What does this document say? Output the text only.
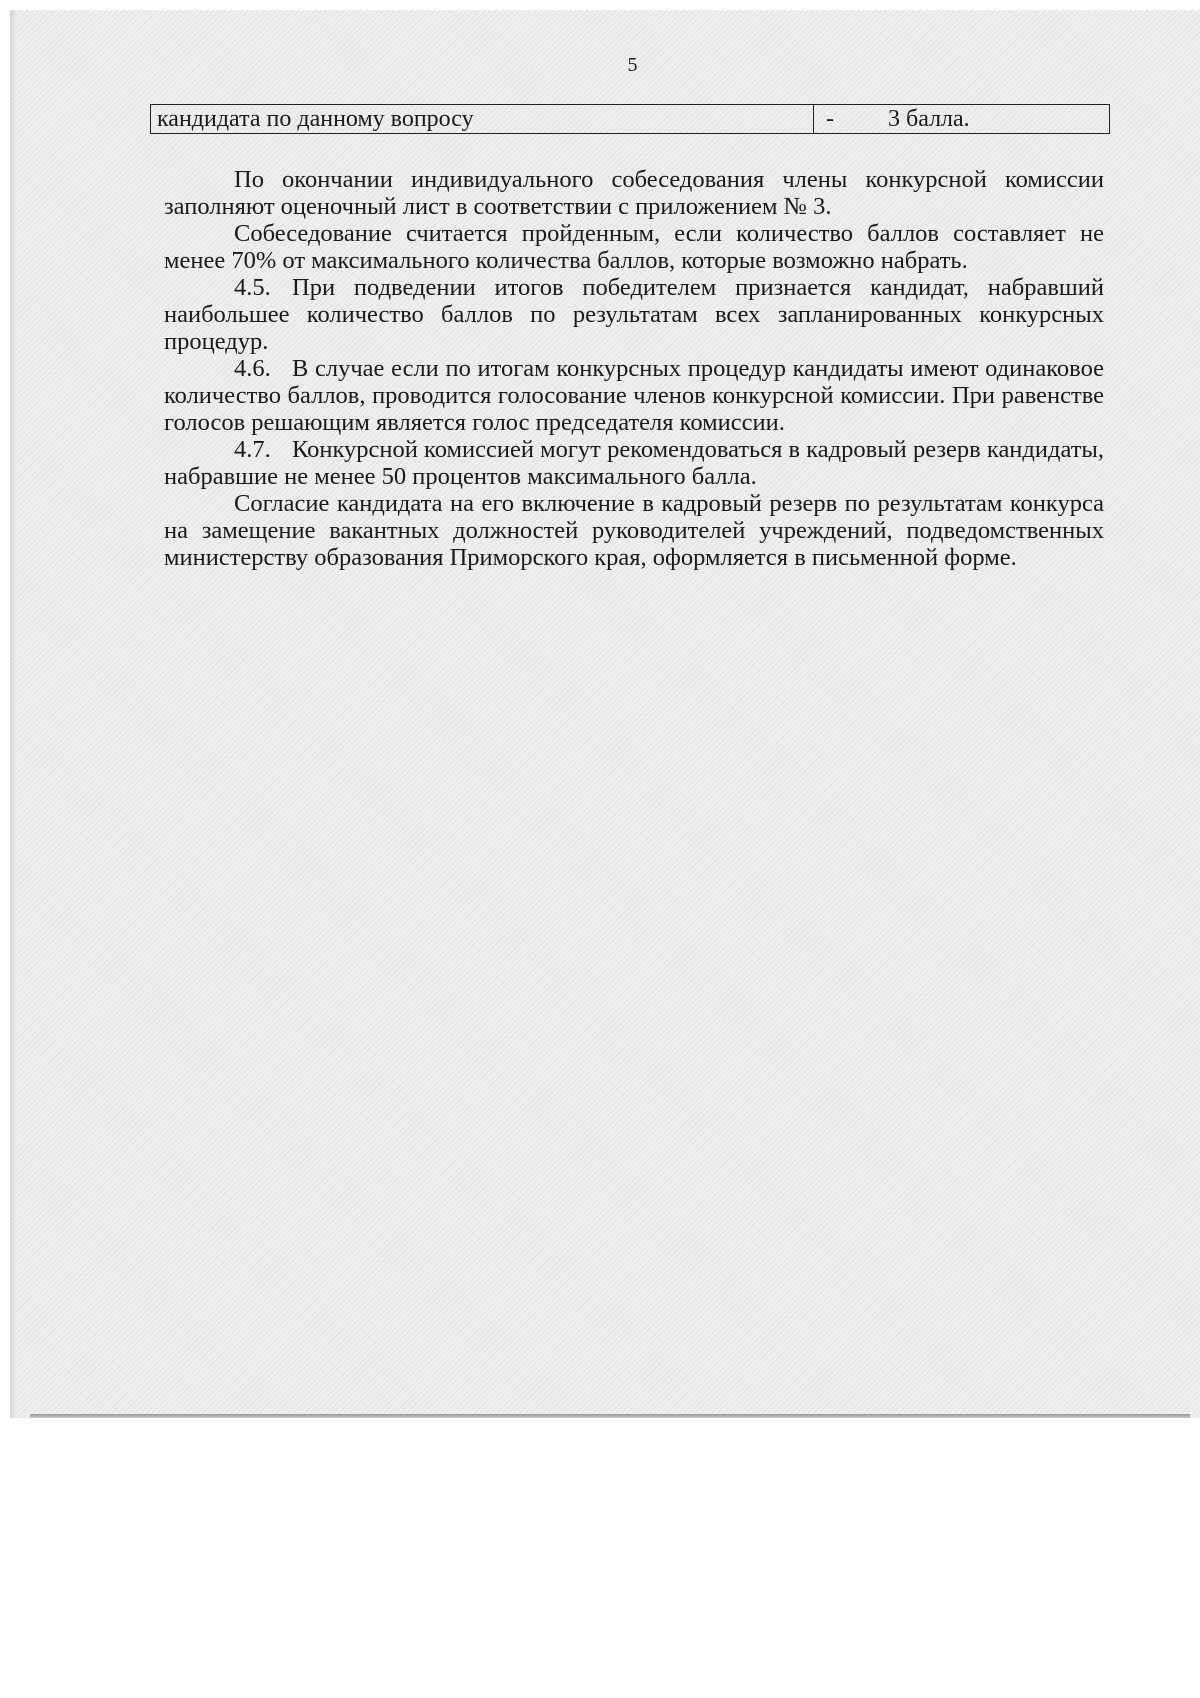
5
кандидата по данному вопросу	- 3 балла.

По окончании индивидуального собеседования члены конкурсной комиссии заполняют оценочный лист в соответствии с приложением № 3.

Собеседование считается пройденным, если количество баллов составляет не менее 70% от максимального количества баллов, которые возможно набрать.

4.5. При подведении итогов победителем признается кандидат, набравший наибольшее количество баллов по результатам всех запланированных конкурсных процедур.

4.6. В случае если по итогам конкурсных процедур кандидаты имеют одинаковое количество баллов, проводится голосование членов конкурсной комиссии. При равенстве голосов решающим является голос председателя комиссии.

4.7. Конкурсной комиссией могут рекомендоваться в кадровый резерв кандидаты, набравшие не менее 50 процентов максимального балла.

Согласие кандидата на его включение в кадровый резерв по результатам конкурса на замещение вакантных должностей руководителей учреждений, подведомственных министерству образования Приморского края, оформляется в письменной форме.
